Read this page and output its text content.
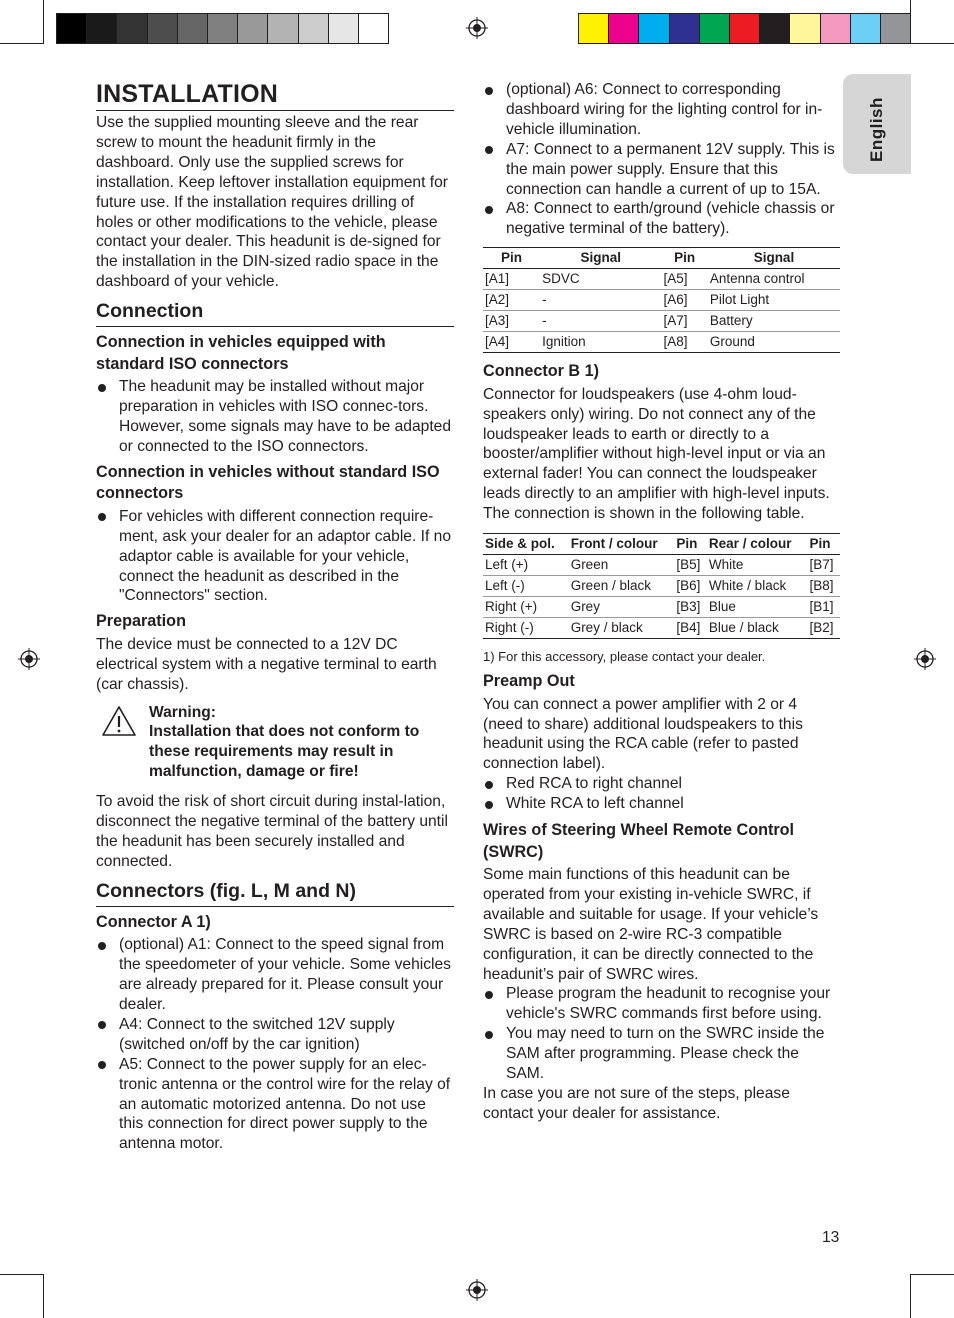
English
INSTALLATION

Use the supplied mounting sleeve and the rear screw to mount the headunit firmly in the dashboard. Only use the supplied screws for installation. Keep leftover installation equipment for future use. If the installation requires drilling of holes or other modifications to the vehicle, please contact your dealer. This headunit is de-signed for the installation in the DIN-sized radio space in the dashboard of your vehicle.

Connection
Connection in vehicles equipped with standard ISO connectors
The headunit may be installed without major preparation in vehicles with ISO connec-tors. However, some signals may have to be adapted or connected to the ISO connectors.
Connection in vehicles without standard ISO connectors
For vehicles with different connection require-ment, ask your dealer for an adaptor cable. If no adaptor cable is available for your vehicle, connect the headunit as described in the "Connectors" section.
Preparation

The device must be connected to a 12V DC electrical system with a negative terminal to earth (car chassis).

Warning:
Installation that does not conform to these requirements may result in malfunction, damage or fire!

To avoid the risk of short circuit during instal-lation, disconnect the negative terminal of the battery until the headunit has been securely installed and connected.

Connectors (fig. L, M and N)
Connector A 1)
(optional) A1: Connect to the speed signal from the speedometer of your vehicle. Some vehicles are already prepared for it. Please consult your dealer.
A4: Connect to the switched 12V supply (switched on/off by the car ignition)
A5: Connect to the power supply for an elec-tronic antenna or the control wire for the relay of an automatic motorized antenna. Do not use this connection for direct power supply to the antenna motor.
(optional) A6: Connect to corresponding dashboard wiring for the lighting control for in-vehicle illumination.
A7: Connect to a permanent 12V supply. This is the main power supply. Ensure that this connection can handle a current of up to 15A.
A8: Connect to earth/ground (vehicle chassis or negative terminal of the battery).
Pin	Signal	Pin	Signal
[A1]	SDVC	[A5]	Antenna control
[A2]	-	[A6]	Pilot Light
[A3]	-	[A7]	Battery
[A4]	Ignition	[A8]	Ground
Connector B 1)

Connector for loudspeakers (use 4-ohm loud-speakers only) wiring. Do not connect any of the loudspeaker leads to earth or directly to a booster/amplifier without high-level input or via an external fader! You can connect the loudspeaker leads directly to an amplifier with high-level inputs. The connection is shown in the following table.

Side & pol.	Front / colour	Pin	Rear / colour	Pin
Left (+)	Green	[B5]	White	[B7]
Left (-)	Green / black	[B6]	White / black	[B8]
Right (+)	Grey	[B3]	Blue	[B1]
Right (-)	Grey / black	[B4]	Blue / black	[B2]

1) For this accessory, please contact your dealer.

Preamp Out

You can connect a power amplifier with 2 or 4 (need to share) additional loudspeakers to this headunit using the RCA cable (refer to pasted connection label).

Red RCA to right channel
White RCA to left channel
Wires of Steering Wheel Remote Control (SWRC)

Some main functions of this headunit can be operated from your existing in-vehicle SWRC, if available and suitable for usage. If your vehicle’s SWRC is based on 2-wire RC-3 compatible configuration, it can be directly connected to the headunit’s pair of SWRC wires.

Please program the headunit to recognise your vehicle's SWRC commands first before using.
You may need to turn on the SWRC inside the SAM after programming. Please check the SAM.

In case you are not sure of the steps, please contact your dealer for assistance.

13
